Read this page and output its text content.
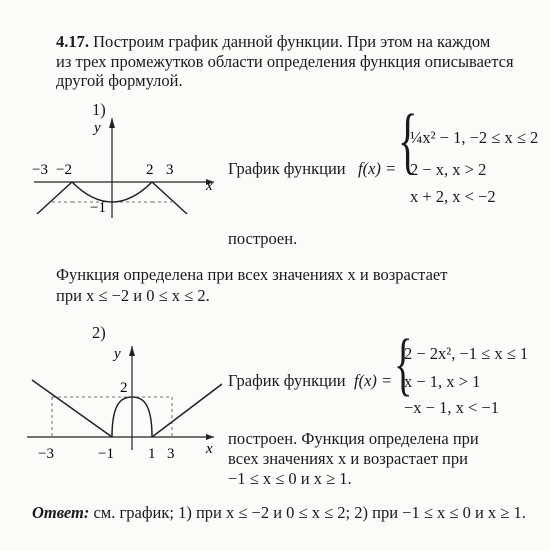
4.17. Построим график данной функции. При этом на каждом
из трех промежутков области определения функция описывается
другой формулой.
1)
y
x
−3 −2	2 3
−1
График функции f(x) = {
¼x² − 1, −2 ≤ x ≤ 2
2 − x, x > 2
x + 2, x < −2
построен.
Функция определена при всех значениях x и возрастает
при x ≤ −2 и 0 ≤ x ≤ 2.
2)
y
x
2
−3	−1 1 3
График функции f(x) = {
2 − 2x², −1 ≤ x ≤ 1
x − 1, x > 1
−x − 1, x < −1
построен. Функция определена при
всех значениях x и возрастает при
−1 ≤ x ≤ 0 и x ≥ 1.
Ответ: см. график; 1) при x ≤ −2 и 0 ≤ x ≤ 2; 2) при −1 ≤ x ≤ 0 и x ≥ 1.
